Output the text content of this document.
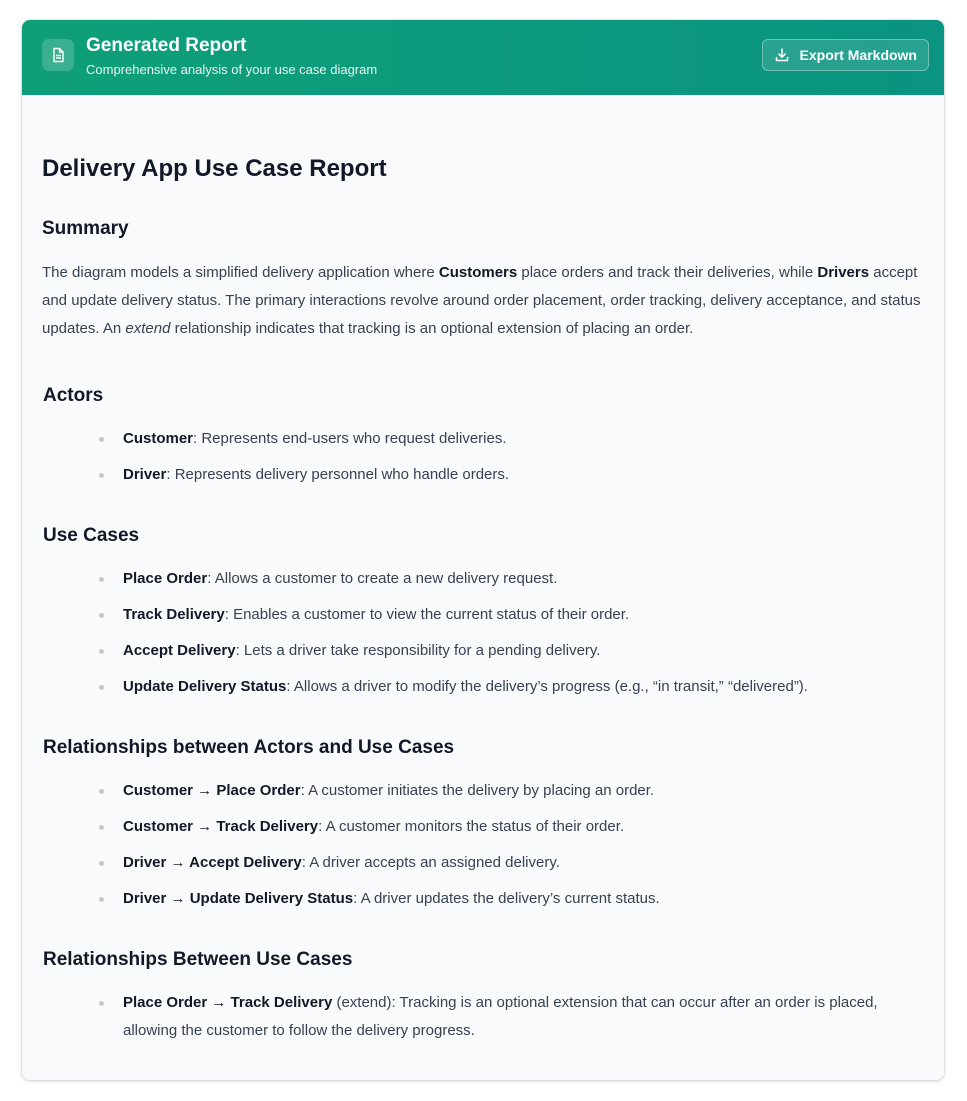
Generated Report
Comprehensive analysis of your use case diagram
Export Markdown
Delivery App Use Case Report
Summary

The diagram models a simplified delivery application where Customers place orders and track their deliveries, while Drivers accept and update delivery status. The primary interactions revolve around order placement, order tracking, delivery acceptance, and status updates. An extend relationship indicates that tracking is an optional extension of placing an order.

Actors
Customer: Represents end-users who request deliveries.
Driver: Represents delivery personnel who handle orders.
Use Cases
Place Order: Allows a customer to create a new delivery request.
Track Delivery: Enables a customer to view the current status of their order.
Accept Delivery: Lets a driver take responsibility for a pending delivery.
Update Delivery Status: Allows a driver to modify the delivery’s progress (e.g., “in transit,” “delivered”).
Relationships between Actors and Use Cases
Customer → Place Order: A customer initiates the delivery by placing an order.
Customer → Track Delivery: A customer monitors the status of their order.
Driver → Accept Delivery: A driver accepts an assigned delivery.
Driver → Update Delivery Status: A driver updates the delivery’s current status.
Relationships Between Use Cases
Place Order → Track Delivery (extend): Tracking is an optional extension that can occur after an order is placed, allowing the customer to follow the delivery progress.
